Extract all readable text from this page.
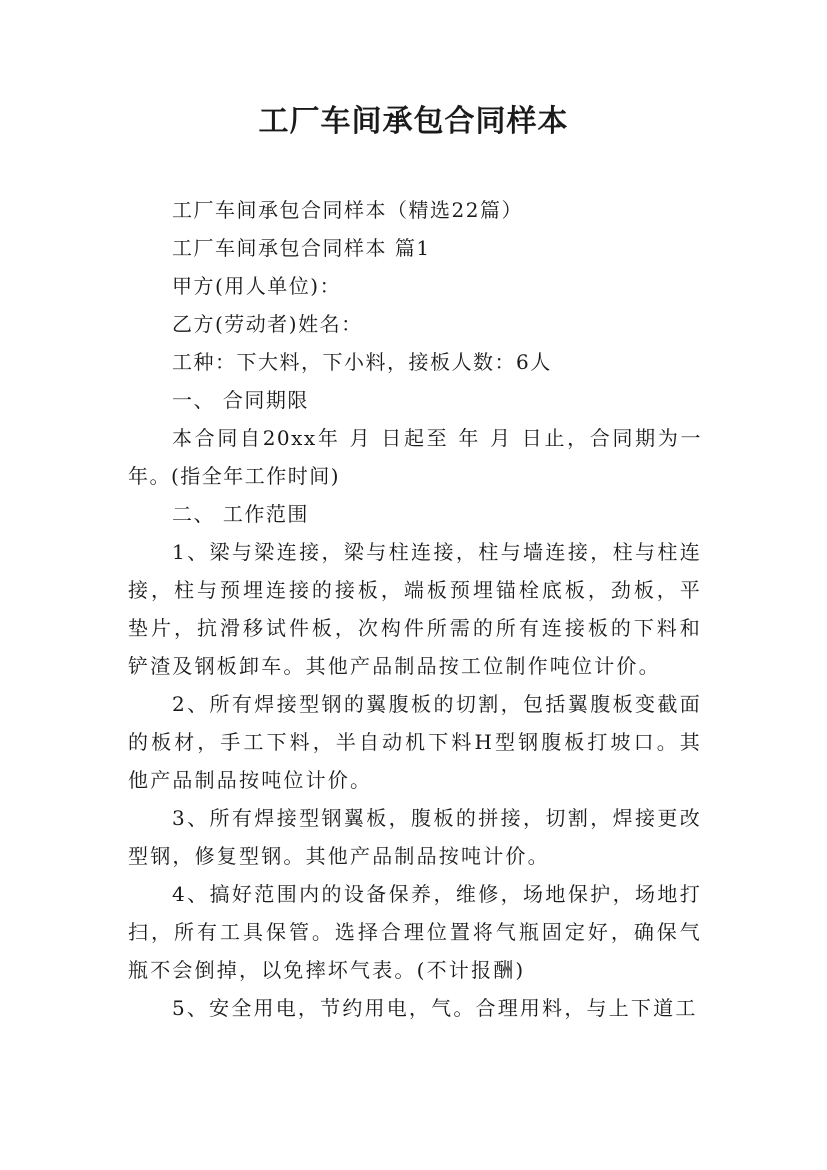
工厂车间承包合同样本

工厂车间承包合同样本（精选22篇）

工厂车间承包合同样本 篇1

甲方(用人单位)：

乙方(劳动者)姓名：

工种：下大料，下小料，接板人数：6人

一、 合同期限

本合同自20xx年 月 日起至 年 月 日止，合同期为一年。(指全年工作时间)

二、 工作范围

1、梁与梁连接，梁与柱连接，柱与墙连接，柱与柱连接，柱与预埋连接的接板，端板预埋锚栓底板，劲板，平垫片，抗滑移试件板，次构件所需的所有连接板的下料和铲渣及钢板卸车。其他产品制品按工位制作吨位计价。

2、所有焊接型钢的翼腹板的切割，包括翼腹板变截面的板材，手工下料，半自动机下料H型钢腹板打坡口。其他产品制品按吨位计价。

3、所有焊接型钢翼板，腹板的拼接，切割，焊接更改型钢，修复型钢。其他产品制品按吨计价。

4、搞好范围内的设备保养，维修，场地保护，场地打扫，所有工具保管。选择合理位置将气瓶固定好，确保气瓶不会倒掉，以免摔坏气表。(不计报酬)

5、安全用电，节约用电，气。合理用料，与上下道工
